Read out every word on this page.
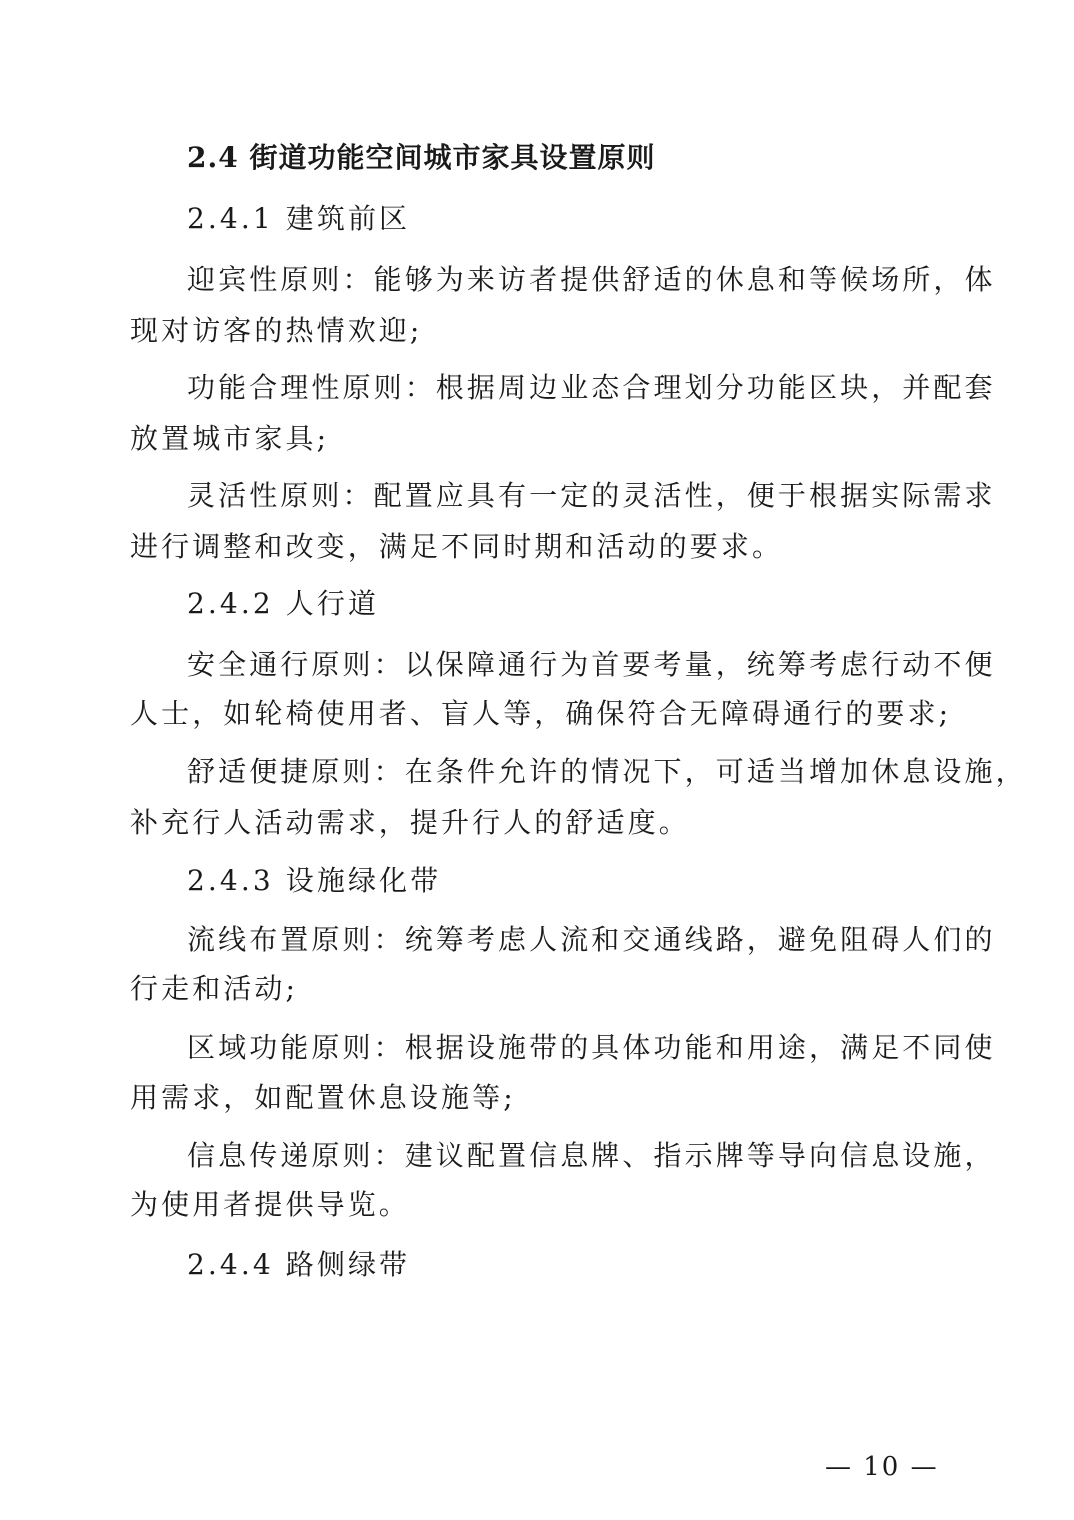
2.4 街道功能空间城市家具设置原则
2.4.1 建筑前区
迎宾性原则：能够为来访者提供舒适的休息和等候场所，体
现对访客的热情欢迎;
功能合理性原则：根据周边业态合理划分功能区块，并配套
放置城市家具;
灵活性原则：配置应具有一定的灵活性，便于根据实际需求
进行调整和改变，满足不同时期和活动的要求。
2.4.2 人行道
安全通行原则：以保障通行为首要考量，统筹考虑行动不便
人士，如轮椅使用者、盲人等，确保符合无障碍通行的要求;
舒适便捷原则：在条件允许的情况下，可适当增加休息设施，
补充行人活动需求，提升行人的舒适度。
2.4.3 设施绿化带
流线布置原则：统筹考虑人流和交通线路，避免阻碍人们的
行走和活动;
区域功能原则：根据设施带的具体功能和用途，满足不同使
用需求，如配置休息设施等;
信息传递原则：建议配置信息牌、指示牌等导向信息设施，
为使用者提供导览。
2.4.4 路侧绿带
— 10 —
